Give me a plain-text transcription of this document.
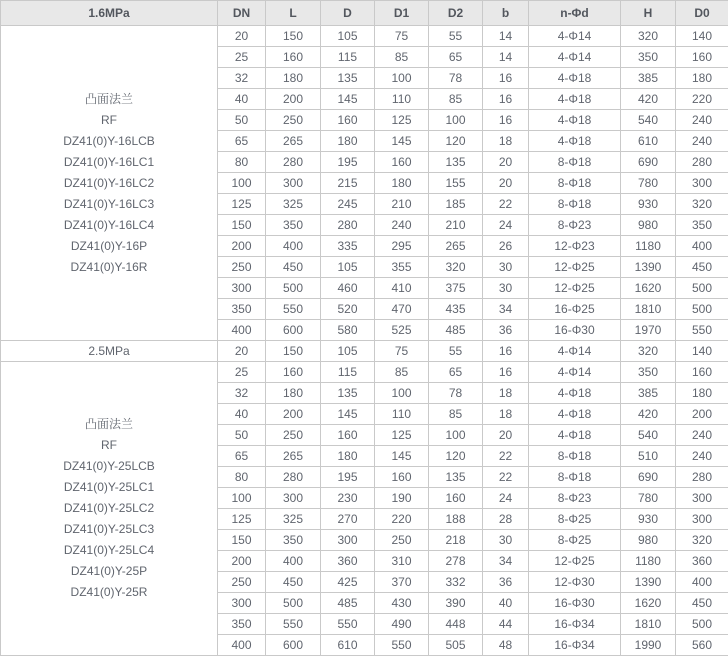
1.6MPa	DN	L	D	D1	D2	b	n-Φd	H	D0

凸面法兰
RF
DZ41(0)Y-16LCB
DZ41(0)Y-16LC1
DZ41(0)Y-16LC2
DZ41(0)Y-16LC3
DZ41(0)Y-16LC4
DZ41(0)Y-16P
DZ41(0)Y-16R
	20	150	105	75	55	14	4-Φ14	320	140
	25	160	115	85	65	14	4-Φ14	350	160
	32	180	135	100	78	16	4-Φ18	385	180
	40	200	145	110	85	16	4-Φ18	420	220
	50	250	160	125	100	16	4-Φ18	540	240
	65	265	180	145	120	18	4-Φ18	610	240
	80	280	195	160	135	20	8-Φ18	690	280
	100	300	215	180	155	20	8-Φ18	780	300
	125	325	245	210	185	22	8-Φ18	930	320
	150	350	280	240	210	24	8-Φ23	980	350
	200	400	335	295	265	26	12-Φ23	1180	400
	250	450	105	355	320	30	12-Φ25	1390	450
	300	500	460	410	375	30	12-Φ25	1620	500
	350	550	520	470	435	34	16-Φ25	1810	500
	400	600	580	525	485	36	16-Φ30	1970	550
2.5MPa	20	150	105	75	55	16	4-Φ14	320	140

凸面法兰
RF
DZ41(0)Y-25LCB
DZ41(0)Y-25LC1
DZ41(0)Y-25LC2
DZ41(0)Y-25LC3
DZ41(0)Y-25LC4
DZ41(0)Y-25P
DZ41(0)Y-25R
	25	160	115	85	65	16	4-Φ14	350	160
	32	180	135	100	78	18	4-Φ18	385	180
	40	200	145	110	85	18	4-Φ18	420	200
	50	250	160	125	100	20	4-Φ18	540	240
	65	265	180	145	120	22	8-Φ18	510	240
	80	280	195	160	135	22	8-Φ18	690	280
	100	300	230	190	160	24	8-Φ23	780	300
	125	325	270	220	188	28	8-Φ25	930	300
	150	350	300	250	218	30	8-Φ25	980	320
	200	400	360	310	278	34	12-Φ25	1180	360
	250	450	425	370	332	36	12-Φ30	1390	400
	300	500	485	430	390	40	16-Φ30	1620	450
	350	550	550	490	448	44	16-Φ34	1810	500
	400	600	610	550	505	48	16-Φ34	1990	560
